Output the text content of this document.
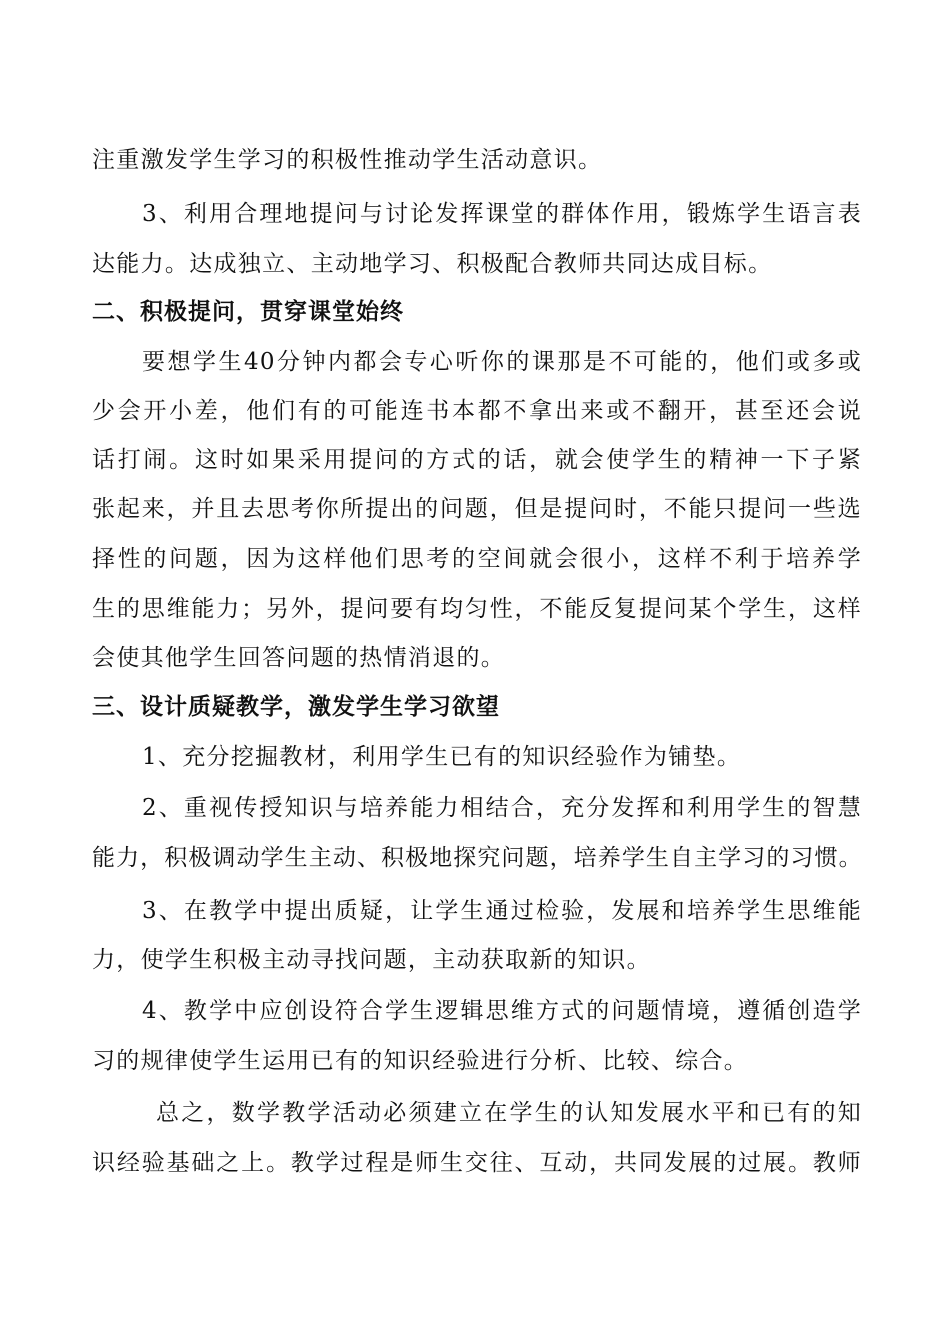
注重激发学生学习的积极性推动学生活动意识。
3、利用合理地提问与讨论发挥课堂的群体作用，锻炼学生语言表
达能力。达成独立、主动地学习、积极配合教师共同达成目标。
二、积极提问，贯穿课堂始终
要想学生40分钟内都会专心听你的课那是不可能的，他们或多或
少会开小差，他们有的可能连书本都不拿出来或不翻开，甚至还会说
话打闹。这时如果采用提问的方式的话，就会使学生的精神一下子紧
张起来，并且去思考你所提出的问题，但是提问时，不能只提问一些选
择性的问题，因为这样他们思考的空间就会很小，这样不利于培养学
生的思维能力；另外，提问要有均匀性，不能反复提问某个学生，这样
会使其他学生回答问题的热情消退的。
三、设计质疑教学，激发学生学习欲望
1、充分挖掘教材，利用学生已有的知识经验作为铺垫。
2、重视传授知识与培养能力相结合，充分发挥和利用学生的智慧
能力，积极调动学生主动、积极地探究问题，培养学生自主学习的习惯。
3、在教学中提出质疑，让学生通过检验，发展和培养学生思维能
力，使学生积极主动寻找问题，主动获取新的知识。
4、教学中应创设符合学生逻辑思维方式的问题情境，遵循创造学
习的规律使学生运用已有的知识经验进行分析、比较、综合。
总之，数学教学活动必须建立在学生的认知发展水平和已有的知
识经验基础之上。教学过程是师生交往、互动，共同发展的过展。教师
